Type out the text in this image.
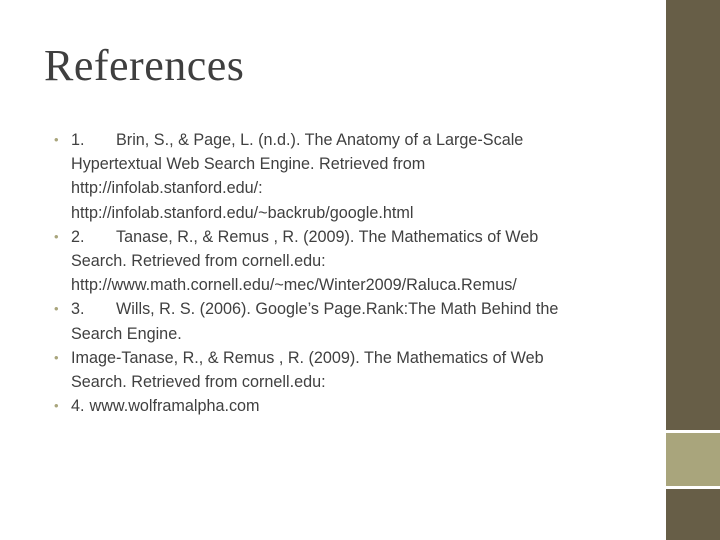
References
• 1. Brin, S., & Page, L. (n.d.). The Anatomy of a Large-Scale
Hypertextual Web Search Engine. Retrieved from
http://infolab.stanford.edu/:
http://infolab.stanford.edu/~backrub/google.html
• 2. Tanase, R., & Remus , R. (2009). The Mathematics of Web
Search. Retrieved from cornell.edu:
http://www.math.cornell.edu/~mec/Winter2009/Raluca.Remus/
• 3. Wills, R. S. (2006). Google’s Page.Rank:The Math Behind the
Search Engine.
• Image-Tanase, R., & Remus , R. (2009). The Mathematics of Web
Search. Retrieved from cornell.edu:
• 4. www.wolframalpha.com
